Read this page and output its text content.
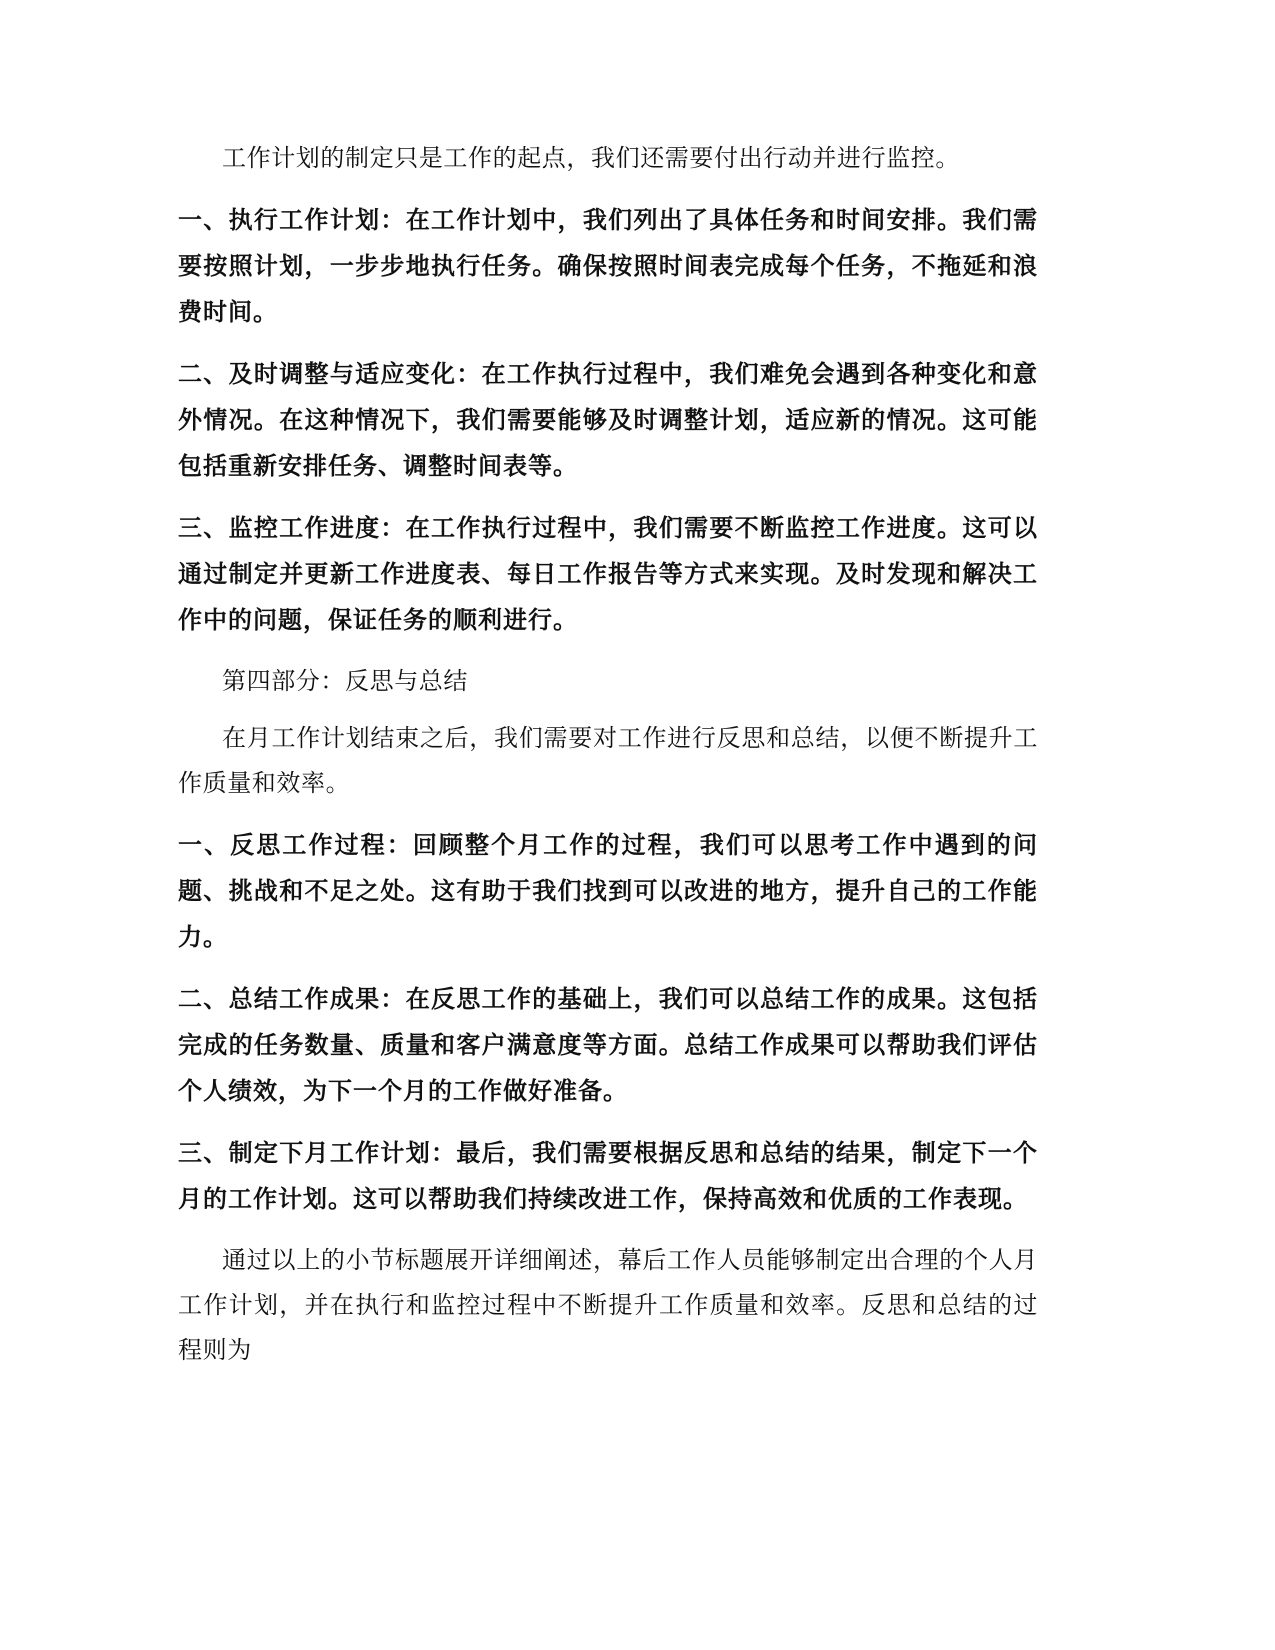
工作计划的制定只是工作的起点，我们还需要付出行动并进行监控。

一、执行工作计划：在工作计划中，我们列出了具体任务和时间安排。我们需要按照计划，一步步地执行任务。确保按照时间表完成每个任务，不拖延和浪费时间。

二、及时调整与适应变化：在工作执行过程中，我们难免会遇到各种变化和意外情况。在这种情况下，我们需要能够及时调整计划，适应新的情况。这可能包括重新安排任务、调整时间表等。

三、监控工作进度：在工作执行过程中，我们需要不断监控工作进度。这可以通过制定并更新工作进度表、每日工作报告等方式来实现。及时发现和解决工作中的问题，保证任务的顺利进行。

第四部分：反思与总结

在月工作计划结束之后，我们需要对工作进行反思和总结，以便不断提升工作质量和效率。

一、反思工作过程：回顾整个月工作的过程，我们可以思考工作中遇到的问题、挑战和不足之处。这有助于我们找到可以改进的地方，提升自己的工作能力。

二、总结工作成果：在反思工作的基础上，我们可以总结工作的成果。这包括完成的任务数量、质量和客户满意度等方面。总结工作成果可以帮助我们评估个人绩效，为下一个月的工作做好准备。

三、制定下月工作计划：最后，我们需要根据反思和总结的结果，制定下一个月的工作计划。这可以帮助我们持续改进工作，保持高效和优质的工作表现。

通过以上的小节标题展开详细阐述，幕后工作人员能够制定出合理的个人月工作计划，并在执行和监控过程中不断提升工作质量和效率。反思和总结的过程则为
